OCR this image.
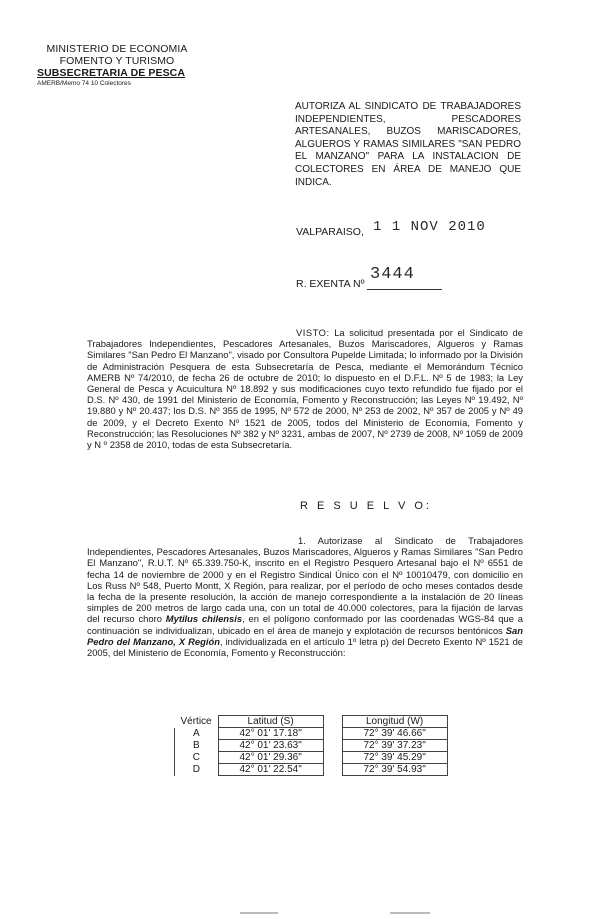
MINISTERIO DE ECONOMIA
FOMENTO Y TURISMO
SUBSECRETARIA DE PESCA
AMERB/Memo 74 10 Colectores
AUTORIZA AL SINDICATO DE TRABAJADORES INDEPENDIENTES, PESCADORES ARTESANALES, BUZOS MARISCADORES, ALGUEROS Y RAMAS SIMILARES "SAN PEDRO EL MANZANO" PARA LA INSTALACION DE COLECTORES EN ÁREA DE MANEJO QUE INDICA.
VALPARAISO, 1 1 NOV 2010
R. EXENTA Nº 3444
VISTO: La solicitud presentada por el Sindicato de Trabajadores Independientes, Pescadores Artesanales, Buzos Mariscadores, Algueros y Ramas Similares "San Pedro El Manzano", visado por Consultora Pupelde Limitada; lo informado por la División de Administración Pesquera de esta Subsecretaría de Pesca, mediante el Memorándum Técnico AMERB Nº 74/2010, de fecha 26 de octubre de 2010; lo dispuesto en el D.F.L. Nº 5 de 1983; la Ley General de Pesca y Acuicultura Nº 18.892 y sus modificaciones cuyo texto refundido fue fijado por el D.S. Nº 430, de 1991 del Ministerio de Economía, Fomento y Reconstrucción; las Leyes Nº 19.492, Nº 19.880 y Nº 20.437; los D.S. Nº 355 de 1995, Nº 572 de 2000, Nº 253 de 2002, Nº 357 de 2005 y Nº 49 de 2009, y el Decreto Exento Nº 1521 de 2005, todos del Ministerio de Economía, Fomento y Reconstrucción; las Resoluciones Nº 382 y Nº 3231, ambas de 2007, Nº 2739 de 2008, Nº 1059 de 2009 y N º 2358 de 2010, todas de esta Subsecretaría.
R E S U E L V O:
1. Autorízase al Sindicato de Trabajadores Independientes, Pescadores Artesanales, Buzos Mariscadores, Algueros y Ramas Similares "San Pedro El Manzano", R.U.T. Nº 65.339.750-K, inscrito en el Registro Pesquero Artesanal bajo el Nº 6551 de fecha 14 de noviembre de 2000 y en el Registro Sindical Único con el Nº 10010479, con domicilio en Los Russ Nº 548, Puerto Montt, X Región, para realizar, por el período de ocho meses contados desde la fecha de la presente resolución, la acción de manejo correspondiente a la instalación de 20 líneas simples de 200 metros de largo cada una, con un total de 40.000 colectores, para la fijación de larvas del recurso choro Mytilus chilensis, en el polígono conformado por las coordenadas WGS-84 que a continuación se individualizan, ubicado en el área de manejo y explotación de recursos bentónicos San Pedro del Manzano, X Región, individualizada en el artículo 1º letra p) del Decreto Exento Nº 1521 de 2005, del Ministerio de Economía, Fomento y Reconstrucción:
Vértice	Latitud (S)		Longitud (W)
A	42° 01' 17.18"		72° 39' 46.66"
B	42° 01' 23.63"		72° 39' 37.23"
C	42° 01' 29.36"		72° 39' 45.29"
D	42° 01' 22.54"		72° 39' 54.93"
